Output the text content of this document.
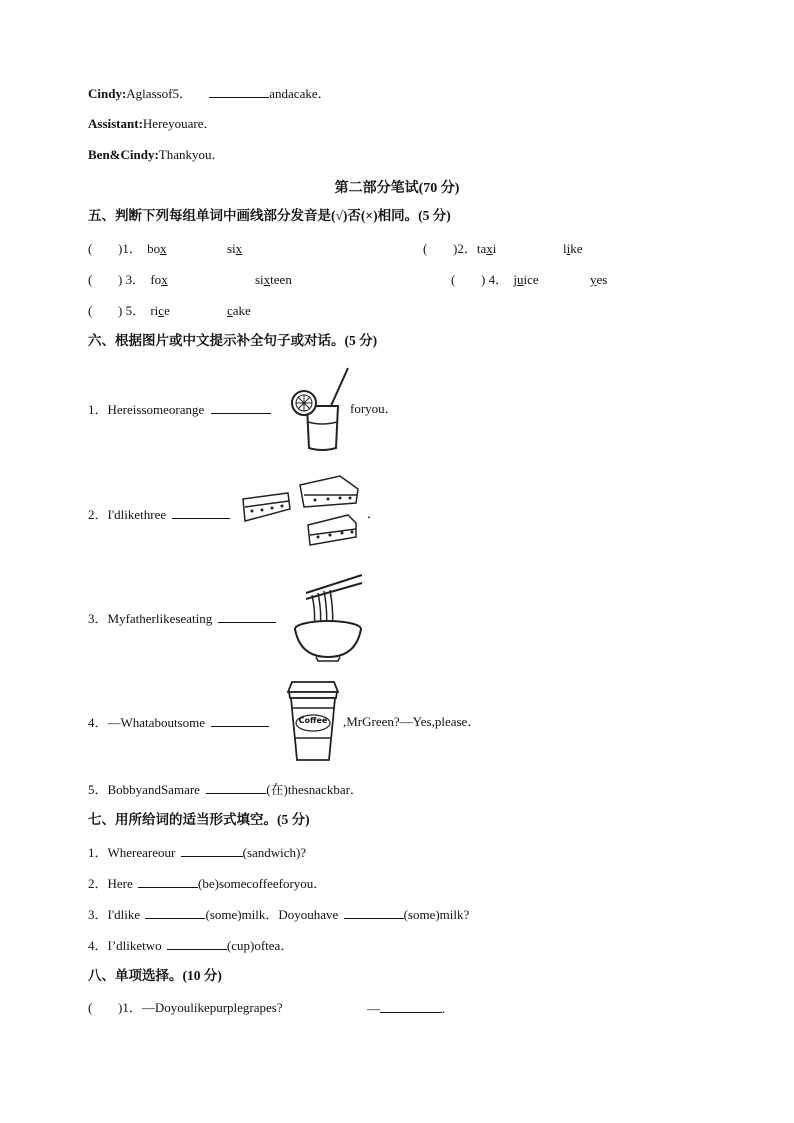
Cindy:Aglassof5．	andacake．
Assistant:Hereyouare．
Ben&Cindy:Thankyou．
第二部分笔试(70 分)
五、判断下列每组单词中画线部分发音是(√)否(×)相同。(5 分)
( )1． box	six	( )2．taxi	like
( ) 3． fox	sixteen	( ) 4． juice	yes
( ) 5． rice	cake
六、根据图片或中文提示补全句子或对话。(5 分)
1．Hereissomeorange	foryou．
2．I'dlikethree	．
3．Myfatherlikeseating
4．—Whataboutsome	Coffee	,MrGreen?—Yes,please．
5．BobbyandSamare	(在)thesnackbar．
七、用所给词的适当形式填空。(5 分)
1．Whereareour	(sandwich)?
2．Here	(be)somecoffeeforyou．
3．I'dlike	(some)milk．Doyouhave	(some)milk?
4．I’dliketwo	(cup)oftea．
八、单项选择。(10 分)
( )1．—Doyoulikepurplegrapes?	—	.
